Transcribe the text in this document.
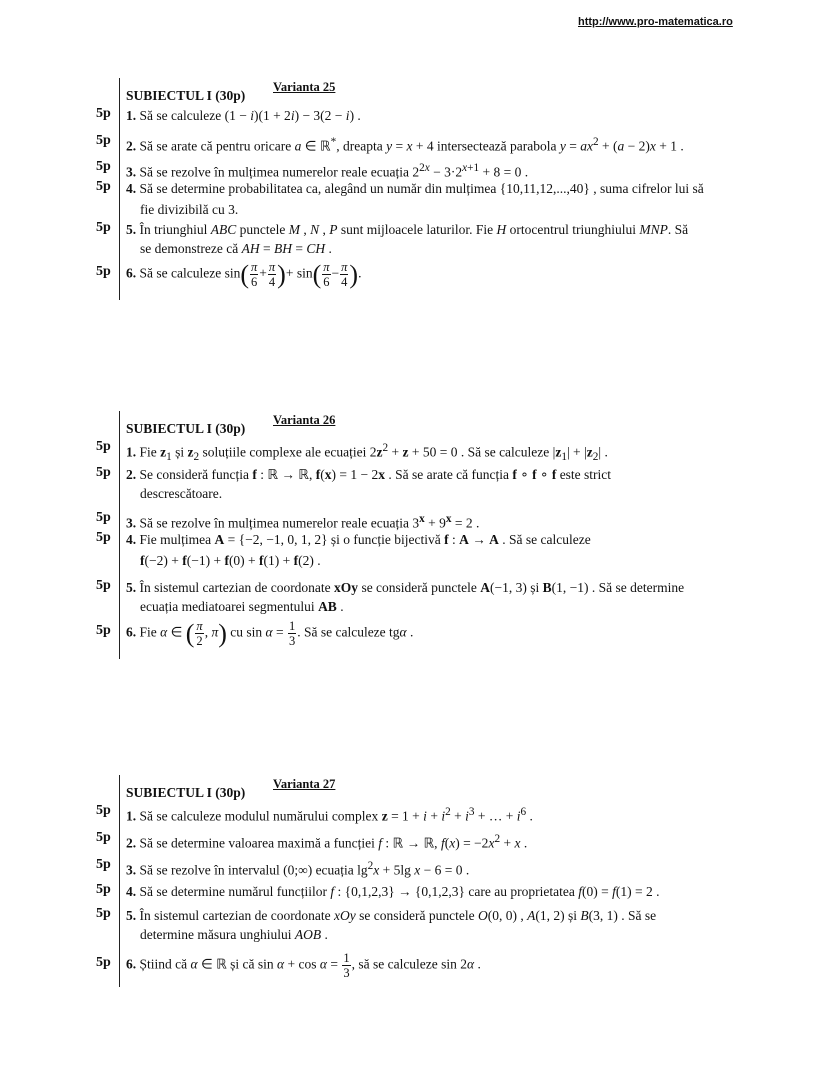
http://www.pro-matematica.ro
SUBIECTUL I (30p)
Varianta 25
5p 1. Să se calculeze (1 − i)(1 + 2i) − 3(2 − i) .
5p 2. Să se arate că pentru oricare a ∈ ℝ*, dreapta y = x + 4 intersectează parabola $y = ax^2 + (a - 2)x + 1$ .
5p 3. Să se rezolve în mulțimea numerelor reale ecuația $2^{2x} - 3\cdot 2^{x+1} + 8 = 0$ .
5p 4. Să se determine probabilitatea ca, alegând un număr din mulțimea {10,11,12,...,40} , suma cifrelor lui să
fie divizibilă cu 3.
5p 5. În triunghiul ABC punctele M , N , P sunt mijloacele laturilor. Fie H ortocentrul triunghiului MNP. Să
se demonstreze că AH = BH = CH .
5p 6. Să se calculeze $\sin( \frac{\pi}{6} + \frac{\pi}{4}$ )+ $\sin( \frac{\pi}{6} - \frac{\pi}{4}$ ).
SUBIECTUL I (30p)
Varianta 26
5p 1. Fie $z_1$ și $z_2$ soluțiile complexe ale ecuației $2z^2 + z + 50 = 0$ . Să se calculeze $|z_1| + |z_2|$ .
5p 2. Se consideră funcția f : ℝ → ℝ, f(x) = 1 − 2x . Să se arate că funcția f ∘ f ∘ f este strict
descrescătoare.
5p 3. Să se rezolve în mulțimea numerelor reale ecuația $3^x + 9^x = 2$ .
5p 4. Fie mulțimea A = {−2, −1, 0, 1, 2} și o funcție bijectivă f : A → A . Să se calculeze
f(−2) + f(−1) + f(0) + f(1) + f(2) .
5p 5. În sistemul cartezian de coordonate xOy se consideră punctele A(−1, 3) și B(1, −1) . Să se determine
ecuația mediatoarei segmentului AB .
5p 6. Fie α ∈ ( $\frac{\pi}{2}$ , π) cu $\sin \alpha = \frac{1}{3}$ . Să se calculeze tgα .
SUBIECTUL I (30p)
Varianta 27
5p 1. Să se calculeze modulul numărului complex $z = 1 + i + i^2 + i^3$ + … + $i^6$ .
5p 2. Să se determine valoarea maximă a funcției f : ℝ → ℝ, $f(x) = -2x^2 + x$ .
5p 3. Să se rezolve în intervalul (0;∞) ecuația $\lg^2x + 5\lg$ x − 6 = 0 .
5p 4. Să se determine numărul funcțiilor f : {0,1,2,3} → {0,1,2,3} care au proprietatea f(0) = f(1) = 2 .
5p 5. În sistemul cartezian de coordonate xOy se consideră punctele O(0, 0) , A(1, 2) și B(3, 1) . Să se
determine măsura unghiului AOB .
5p 6. Știind că α ∈ ℝ și că $\sin \alpha + \cos \alpha = \frac{1}{3}$ , să se calculeze sin 2α .
